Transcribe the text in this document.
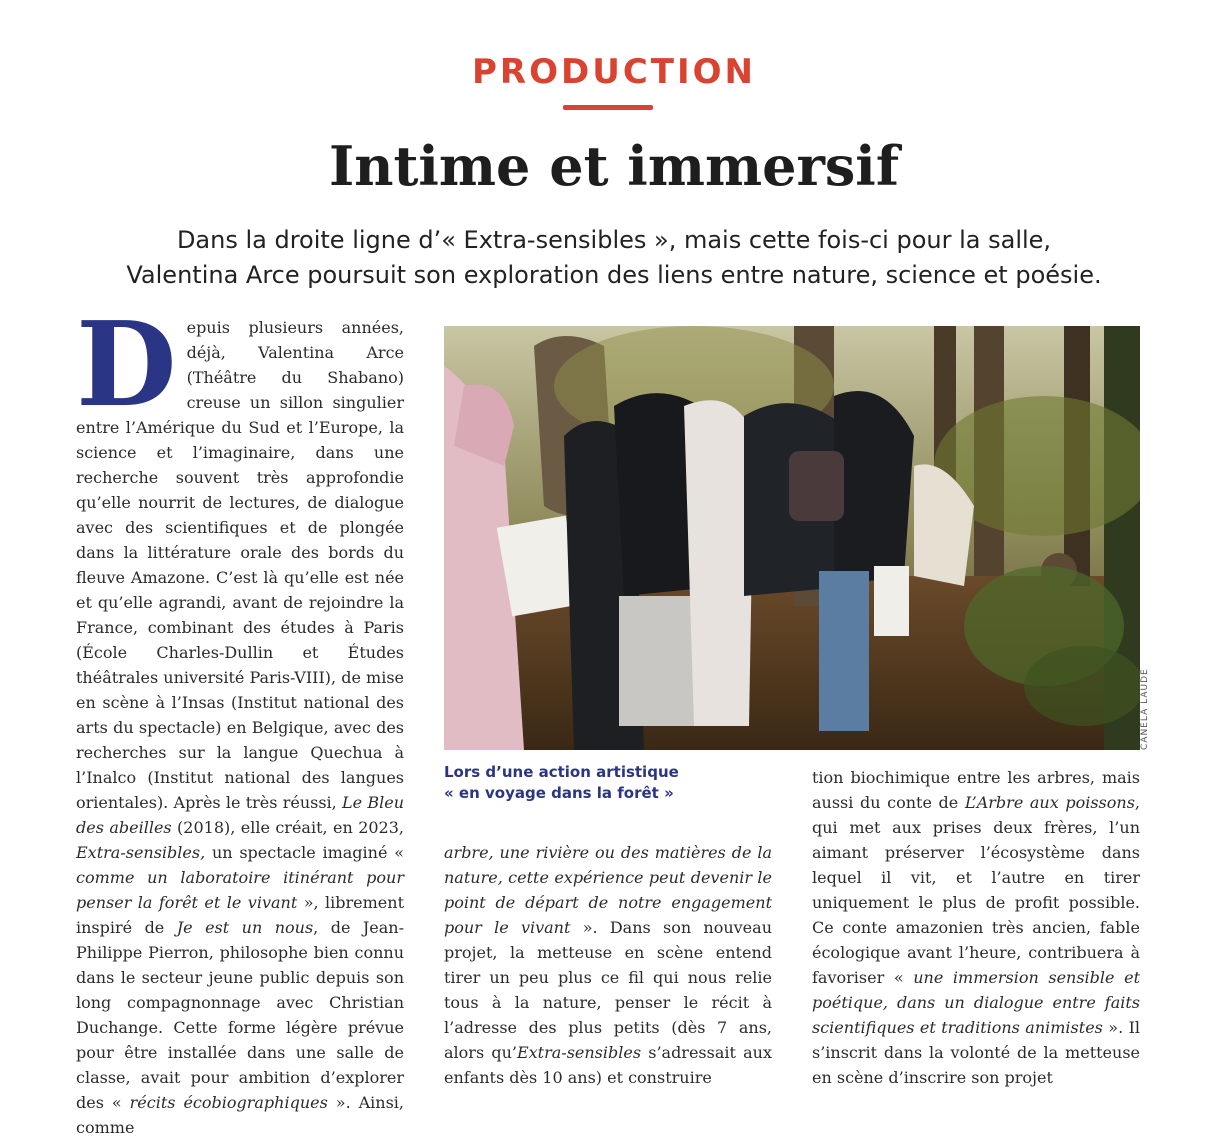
PRODUCTION
Intime et immersif
Dans la droite ligne d’« Extra-sensibles », mais cette fois-ci pour la salle,
Valentina Arce poursuit son exploration des liens entre nature, science et poésie.
D epuis plusieurs années, déjà, Valentina Arce (Théâtre du Shabano) creuse un sillon singulier entre l’Amérique du Sud et l’Europe, la science et l’imaginaire, dans une recherche souvent très approfondie qu’elle nourrit de lectures, de dialogue avec des scientifiques et de plongée dans la littérature orale des bords du fleuve Amazone. C’est là qu’elle est née et qu’elle agrandi, avant de rejoindre la France, combinant des études à Paris (École Charles-Dullin et Études théâtrales université Paris-VIII), de mise en scène à l’Insas (Institut national des arts du spectacle) en Belgique, avec des recherches sur la langue Quechua à l’Inalco (Institut national des langues orientales). Après le très réussi, Le Bleu des abeilles (2018), elle créait, en 2023, Extra-sensibles, un spectacle imaginé « comme un laboratoire itinérant pour penser la forêt et le vivant », librement inspiré de Je est un nous, de Jean-Philippe Pierron, philosophe bien connu dans le secteur jeune public depuis son long compagnonnage avec Christian Duchange. Cette forme légère prévue pour être installée dans une salle de classe, avait pour ambition d’explorer des « récits écobiographiques ». Ainsi, comme

CANELA LAUDE
Lors d’une action artistique
« en voyage dans la forêt »

arbre, une rivière ou des matières de la nature, cette expérience peut devenir le point de départ de notre engagement pour le vivant ». Dans son nouveau projet, la metteuse en scène entend tirer un peu plus ce fil qui nous relie tous à la nature, penser le récit à l’adresse des plus petits (dès 7 ans, alors qu’Extra-sensibles s’adressait aux enfants dès 10 ans) et construire

tion biochimique entre les arbres, mais aussi du conte de L’Arbre aux poissons, qui met aux prises deux frères, l’un aimant préserver l’écosystème dans lequel il vit, et l’autre en tirer uniquement le plus de profit possible. Ce conte amazonien très ancien, fable écologique avant l’heure, contribuera à favoriser « une immersion sensible et poétique, dans un dialogue entre faits scientifiques et traditions animistes ». Il s’inscrit dans la volonté de la metteuse en scène d’inscrire son projet
